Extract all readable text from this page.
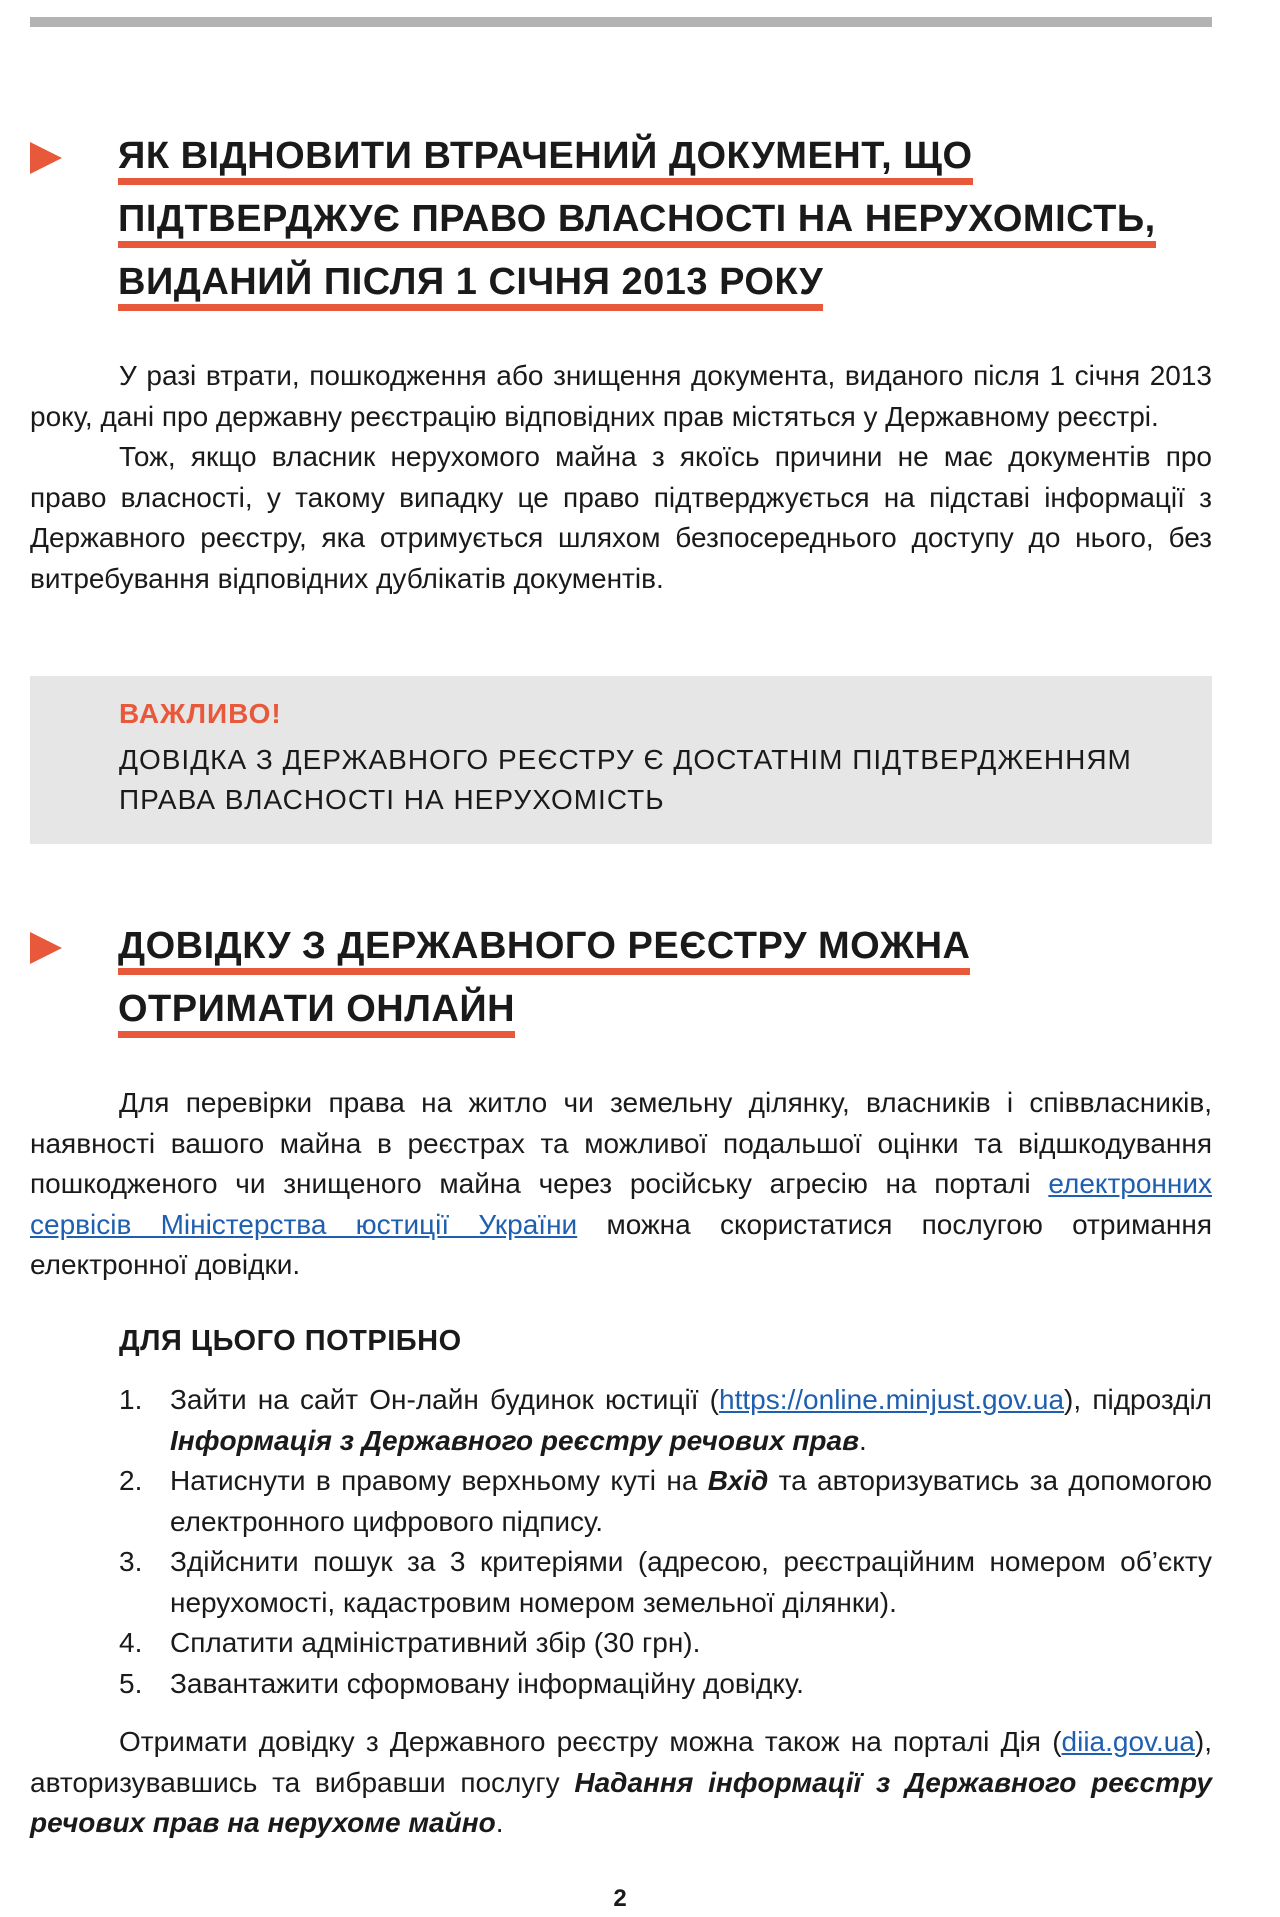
ЯК ВІДНОВИТИ ВТРАЧЕНИЙ ДОКУМЕНТ, ЩО
ПІДТВЕРДЖУЄ ПРАВО ВЛАСНОСТІ НА НЕРУХОМІСТЬ,
ВИДАНИЙ ПІСЛЯ 1 СІЧНЯ 2013 РОКУ

У разі втрати, пошкодження або знищення документа, виданого після 1 січня 2013 року, дані про державну реєстрацію відповідних прав містяться у Державному реєстрі.

Тож, якщо власник нерухомого майна з якоїсь причини не має документів про право власності, у такому випадку це право підтверджується на підставі інформації з Державного реєстру, яка отримується шляхом безпосереднього доступу до нього, без витребування відповідних дублікатів документів.

ВАЖЛИВО!
ДОВІДКА З ДЕРЖАВНОГО РЕЄСТРУ Є ДОСТАТНІМ ПІДТВЕРДЖЕННЯМ ПРАВА ВЛАСНОСТІ НА НЕРУХОМІСТЬ
ДОВІДКУ З ДЕРЖАВНОГО РЕЄСТРУ МОЖНА
ОТРИМАТИ ОНЛАЙН

Для перевірки права на житло чи земельну ділянку, власників і співвласників, наявності вашого майна в реєстрах та можливої подальшої оцінки та відшкодування пошкодженого чи знищеного майна через російську агресію на порталі електронних сервісів Міністерства юстиції України можна скористатися послугою отримання електронної довідки.

ДЛЯ ЦЬОГО ПОТРІБНО
1. Зайти на сайт Он-лайн будинок юстиції (https://online.minjust.gov.ua), підрозділ Інформація з Державного реєстру речових прав.
2. Натиснути в правому верхньому куті на Вхід та авторизуватись за допомогою електронного цифрового підпису.
3. Здійснити пошук за 3 критеріями (адресою, реєстраційним номером об’єкту нерухомості, кадастровим номером земельної ділянки).
4. Сплатити адміністративний збір (30 грн).
5. Завантажити сформовану інформаційну довідку.

Отримати довідку з Державного реєстру можна також на порталі Дія (diia.gov.ua), авторизувавшись та вибравши послугу Надання інформації з Державного реєстру речових прав на нерухоме майно.

2
